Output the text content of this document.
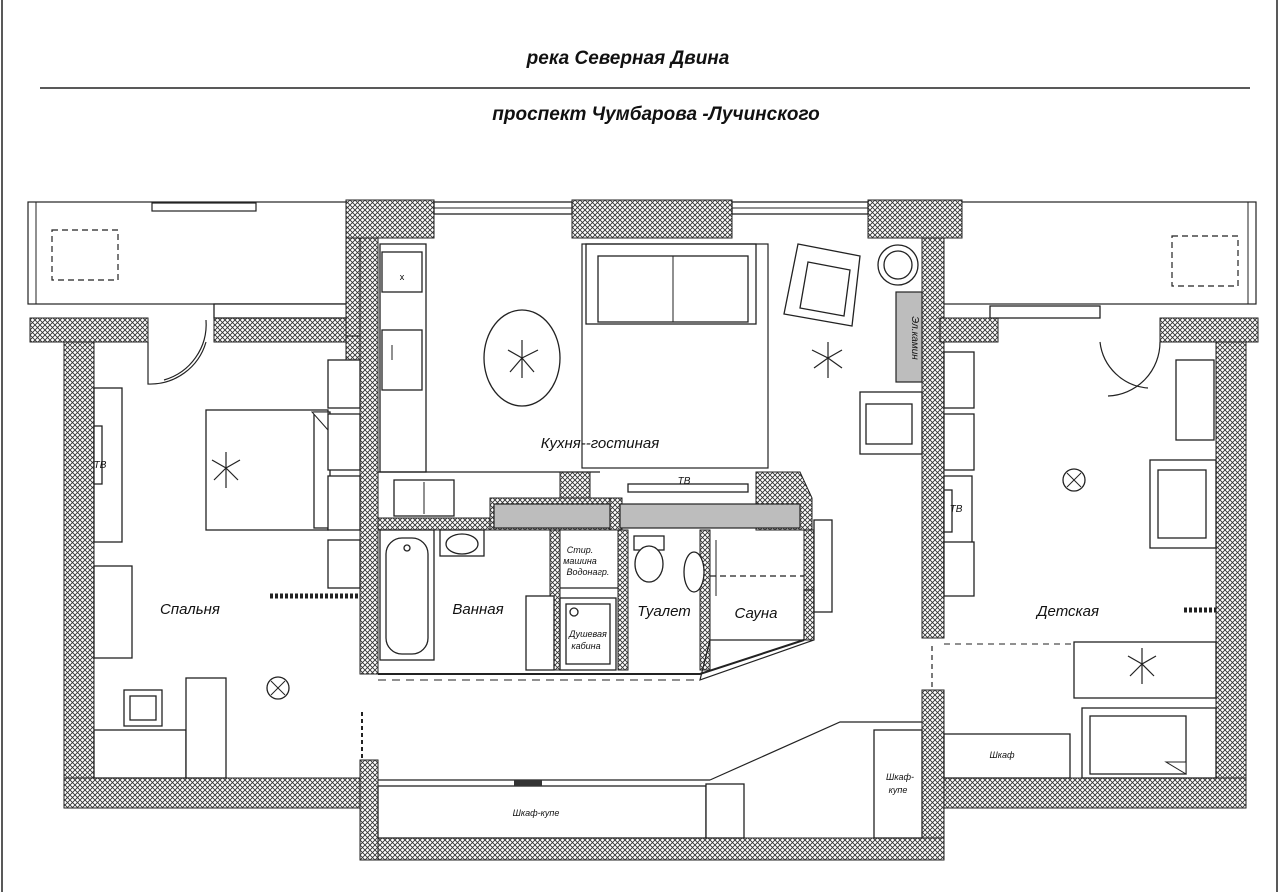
река Северная Двина
проспект Чумбарова -Лучинского
x
Эл.камин
ТВ
Кухня--гостиная
Ванная
Стир.
машина
Водонагр.
Душевая
кабина
Туалет	Сауна
ТВ
Спальня
Шкаф-купе
Шкаф-
купе
ТВ
Детская
Шкаф
